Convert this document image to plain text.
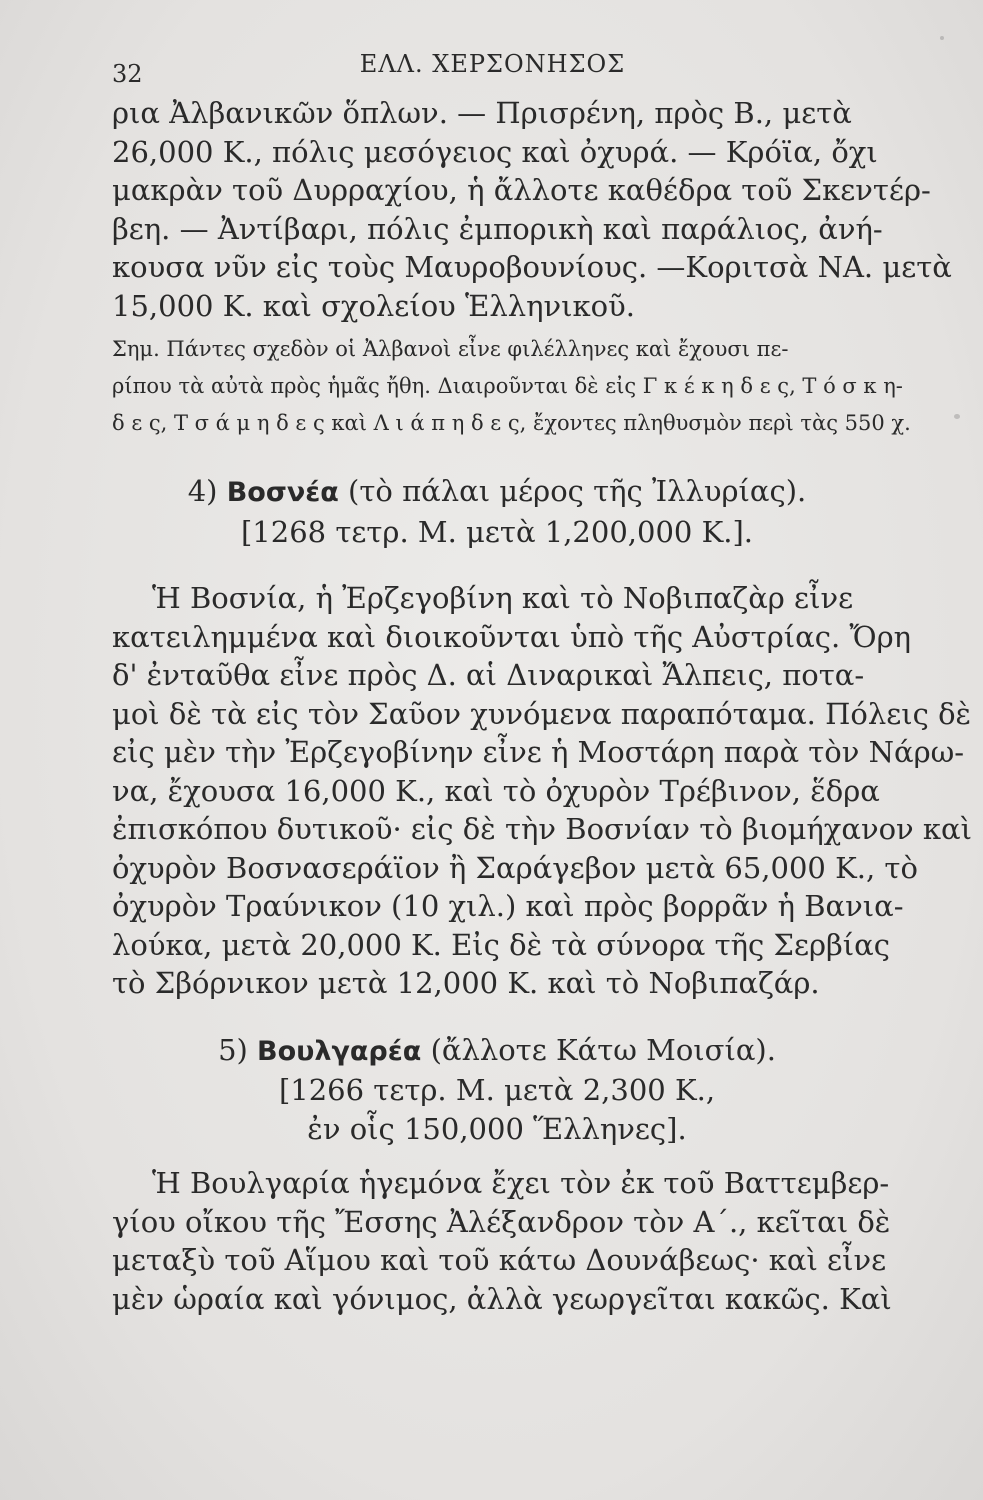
32	ΕΛΛ. ΧΕΡΣΟΝΗΣΟΣ
ρια Ἀλβανικῶν ὅπλων. — Πρισρένη, πρὸς Β., μετὰ
26,000 Κ., πόλις μεσόγειος καὶ ὀχυρά. — Κρόϊα, ὄχι
μακρὰν τοῦ Δυρραχίου, ἡ ἄλλοτε καθέδρα τοῦ Σκεντέρ-
βεη. — Ἀντίβαρι, πόλις ἐμπορικὴ καὶ παράλιος, ἀνή-
κουσα νῦν εἰς τοὺς Μαυροβουνίους. —Κοριτσὰ ΝΑ. μετὰ
15,000 Κ. καὶ σχολείου Ἑλληνικοῦ.
Σημ. Πάντες σχεδὸν οἱ Ἀλβανοὶ εἶνε φιλέλληνες καὶ ἔχουσι πε-
ρίπου τὰ αὐτὰ πρὸς ἡμᾶς ἤθη. Διαιροῦνται δὲ εἰς Γ κ έ κ η δ ε ς, Τ ό σ κ η-
δ ε ς, Τ σ ά μ η δ ε ς καὶ Λ ι ά π η δ ε ς, ἔχοντες πληθυσμὸν περὶ τὰς 550 χ.
4) Βοσνέα (τὸ πάλαι μέρος τῆς Ἰλλυρίας).
[1268 τετρ. Μ. μετὰ 1,200,000 Κ.].
Ἡ Βοσνία, ἡ Ἐρζεγοβίνη καὶ τὸ Νοβιπαζὰρ εἶνε
κατειλημμένα καὶ διοικοῦνται ὑπὸ τῆς Αὐστρίας. Ὄρη
δ' ἐνταῦθα εἶνε πρὸς Δ. αἱ Διναρικαὶ Ἄλπεις, ποτα-
μοὶ δὲ τὰ εἰς τὸν Σαῦον χυνόμενα παραπόταμα. Πόλεις δὲ
εἰς μὲν τὴν Ἐρζεγοβίνην εἶνε ἡ Μοστάρη παρὰ τὸν Νάρω-
να, ἔχουσα 16,000 Κ., καὶ τὸ ὀχυρὸν Τρέβινον, ἕδρα
ἐπισκόπου δυτικοῦ· εἰς δὲ τὴν Βοσνίαν τὸ βιομήχανον καὶ
ὀχυρὸν Βοσνασεράϊον ἢ Σαράγεβον μετὰ 65,000 Κ., τὸ
ὀχυρὸν Τραύνικον (10 χιλ.) καὶ πρὸς βορρᾶν ἡ Βανια-
λούκα, μετὰ 20,000 Κ. Εἰς δὲ τὰ σύνορα τῆς Σερβίας
τὸ Σβόρνικον μετὰ 12,000 Κ. καὶ τὸ Νοβιπαζάρ.
5) Βουλγαρέα (ἄλλοτε Κάτω Μοισία).
[1266 τετρ. Μ. μετὰ 2,300 Κ.,
ἐν οἷς 150,000 Ἕλληνες].
Ἡ Βουλγαρία ἡγεμόνα ἔχει τὸν ἐκ τοῦ Βαττεμβερ-
γίου οἴκου τῆς Ἔσσης Ἀλέξανδρον τὸν Α΄., κεῖται δὲ
μεταξὺ τοῦ Αἵμου καὶ τοῦ κάτω Δουνάβεως· καὶ εἶνε
μὲν ὡραία καὶ γόνιμος, ἀλλὰ γεωργεῖται κακῶς. Καὶ
